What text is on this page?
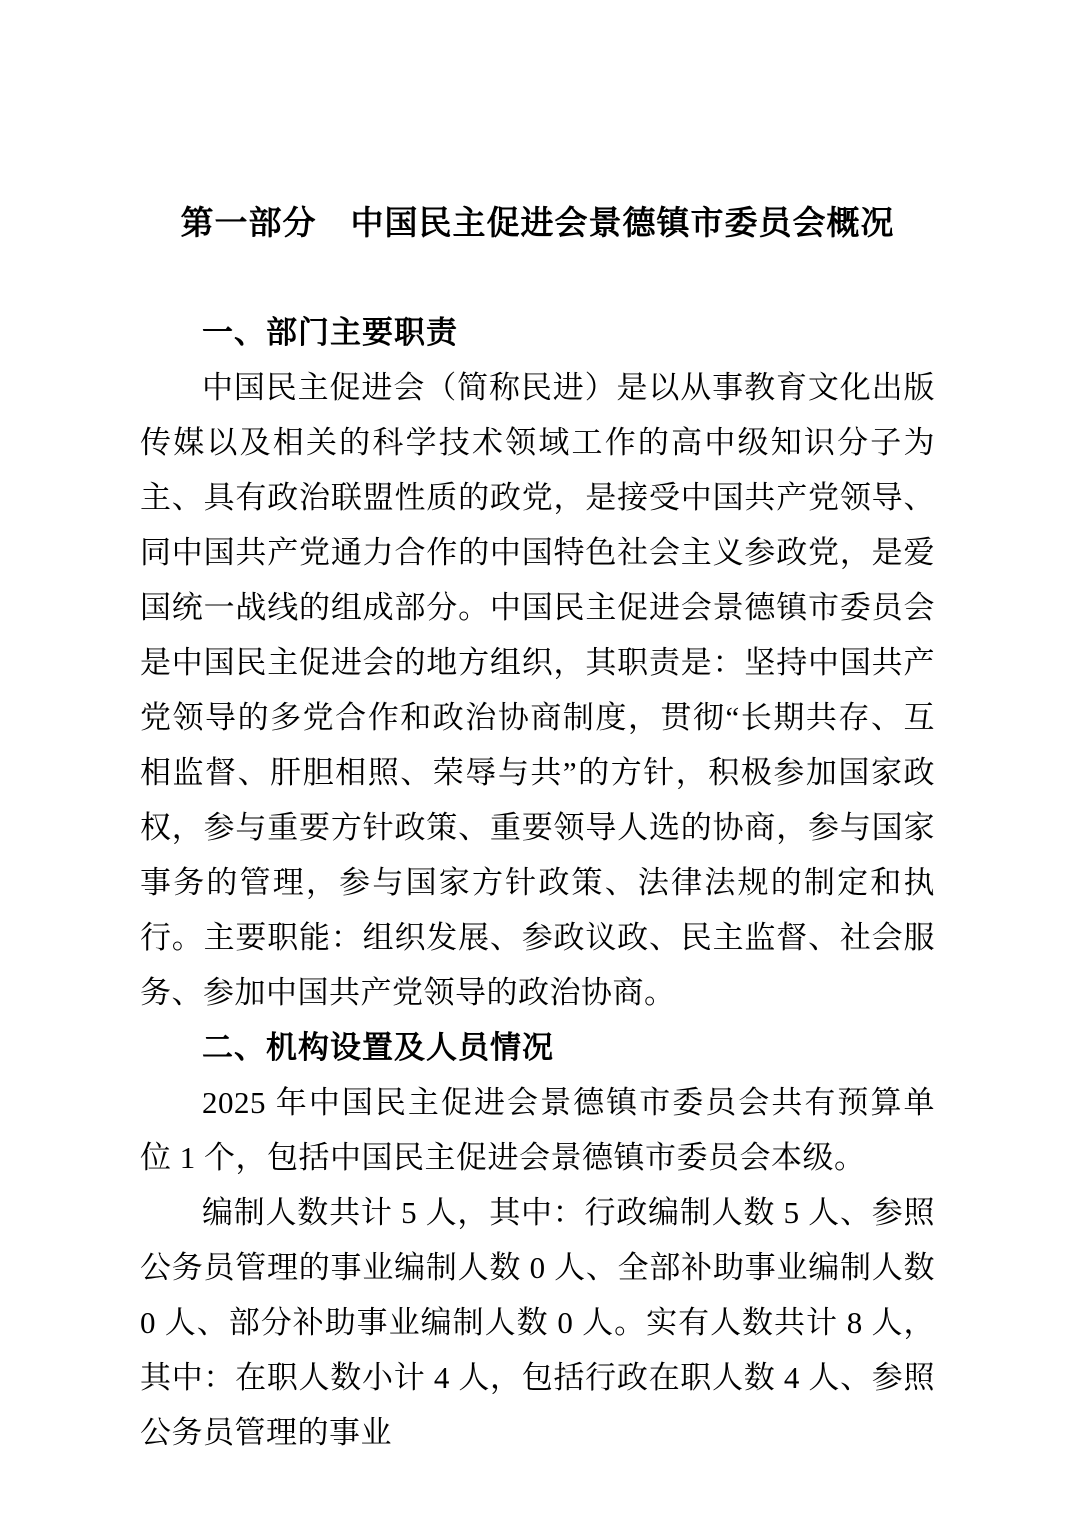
第一部分　中国民主促进会景德镇市委员会概况
一、部门主要职责

中国民主促进会（简称民进）是以从事教育文化出版传媒以及相关的科学技术领域工作的高中级知识分子为主、具有政治联盟性质的政党，是接受中国共产党领导、同中国共产党通力合作的中国特色社会主义参政党，是爱国统一战线的组成部分。中国民主促进会景德镇市委员会是中国民主促进会的地方组织，其职责是：坚持中国共产党领导的多党合作和政治协商制度，贯彻“长期共存、互相监督、肝胆相照、荣辱与共”的方针，积极参加国家政权，参与重要方针政策、重要领导人选的协商，参与国家事务的管理，参与国家方针政策、法律法规的制定和执行。主要职能：组织发展、参政议政、民主监督、社会服务、参加中国共产党领导的政治协商。

二、机构设置及人员情况

2025 年中国民主促进会景德镇市委员会共有预算单位 1 个，包括中国民主促进会景德镇市委员会本级。

编制人数共计 5 人，其中：行政编制人数 5 人、参照公务员管理的事业编制人数 0 人、全部补助事业编制人数 0 人、部分补助事业编制人数 0 人。实有人数共计 8 人，其中：在职人数小计 4 人，包括行政在职人数 4 人、参照公务员管理的事业
